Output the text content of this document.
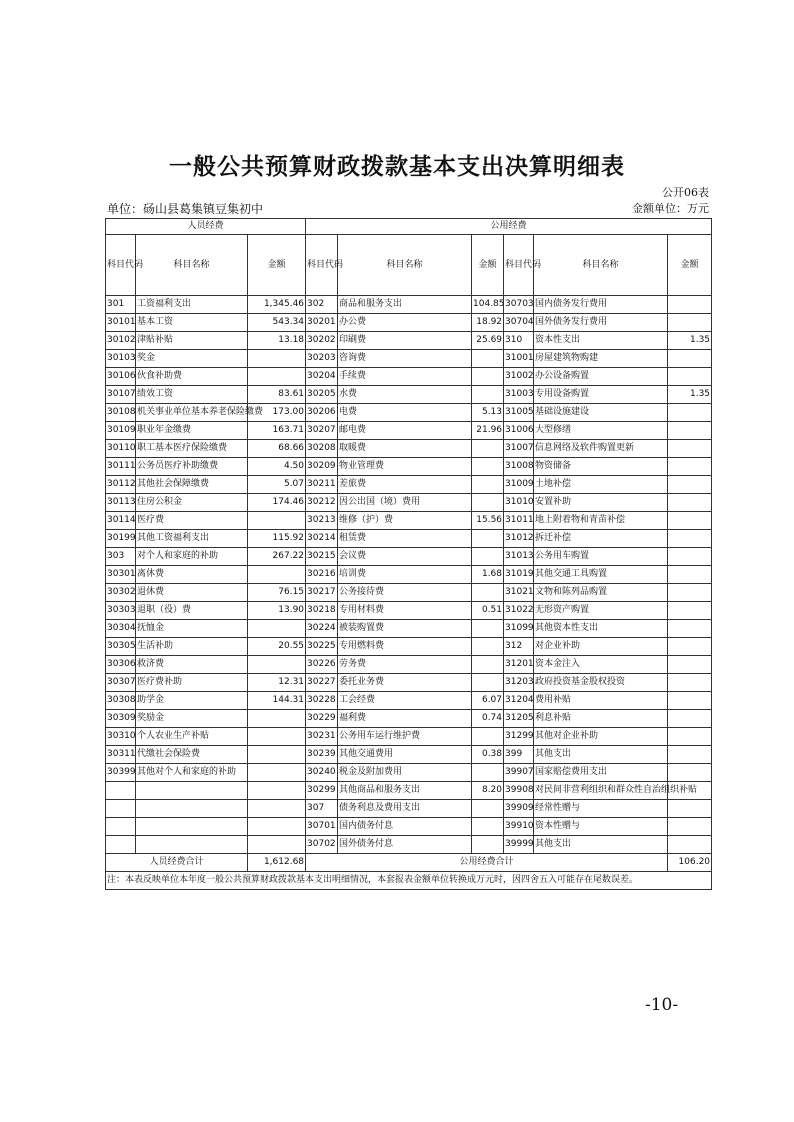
一般公共预算财政拨款基本支出决算明细表
公开06表
单位：砀山县葛集镇豆集初中	金额单位：万元
人员经费			公用经费					
科目代码	科目名称	金额	科目代码	科目名称	金额	科目代码	科目名称	金额
301	工资福利支出	1,345.46	302	商品和服务支出	104.85	30703	国内债务发行费用	
30101	基本工资	543.34	30201	办公费	18.92	30704	国外债务发行费用	
30102	津贴补贴	13.18	30202	印刷费	25.69	310	资本性支出	1.35
30103	奖金		30203	咨询费		31001	房屋建筑物购建	
30106	伙食补助费		30204	手续费		31002	办公设备购置	
30107	绩效工资	83.61	30205	水费		31003	专用设备购置	1.35
30108	机关事业单位基本养老保险缴费	173.00	30206	电费	5.13	31005	基础设施建设	
30109	职业年金缴费	163.71	30207	邮电费	21.96	31006	大型修缮	
30110	职工基本医疗保险缴费	68.66	30208	取暖费		31007	信息网络及软件购置更新	
30111	公务员医疗补助缴费	4.50	30209	物业管理费		31008	物资储备	
30112	其他社会保障缴费	5.07	30211	差旅费		31009	土地补偿	
30113	住房公积金	174.46	30212	因公出国（境）费用		31010	安置补助	
30114	医疗费		30213	维修（护）费	15.56	31011	地上附着物和青苗补偿	
30199	其他工资福利支出	115.92	30214	租赁费		31012	拆迁补偿	
303	对个人和家庭的补助	267.22	30215	会议费		31013	公务用车购置	
30301	离休费		30216	培训费	1.68	31019	其他交通工具购置	
30302	退休费	76.15	30217	公务接待费		31021	文物和陈列品购置	
30303	退职（役）费	13.90	30218	专用材料费	0.51	31022	无形资产购置	
30304	抚恤金		30224	被装购置费		31099	其他资本性支出	
30305	生活补助	20.55	30225	专用燃料费		312	对企业补助	
30306	救济费		30226	劳务费		31201	资本金注入	
30307	医疗费补助	12.31	30227	委托业务费		31203	政府投资基金股权投资	
30308	助学金	144.31	30228	工会经费	6.07	31204	费用补贴	
30309	奖励金		30229	福利费	0.74	31205	利息补贴	
30310	个人农业生产补贴		30231	公务用车运行维护费		31299	其他对企业补助	
30311	代缴社会保险费		30239	其他交通费用	0.38	399	其他支出	
30399	其他对个人和家庭的补助		30240	税金及附加费用		39907	国家赔偿费用支出	
			30299	其他商品和服务支出	8.20	39908	对民间非营利组织和群众性自治组织补贴	
			307	债务利息及费用支出		39909	经常性赠与	
			30701	国内债务付息		39910	资本性赠与	
			30702	国外债务付息		39999	其他支出	
人员经费合计		1,612.68	公用经费合计					106.20
注：本表反映单位本年度一般公共预算财政拨款基本支出明细情况，本套报表金额单位转换成万元时，因四舍五入可能存在尾数误差。								
-10-
